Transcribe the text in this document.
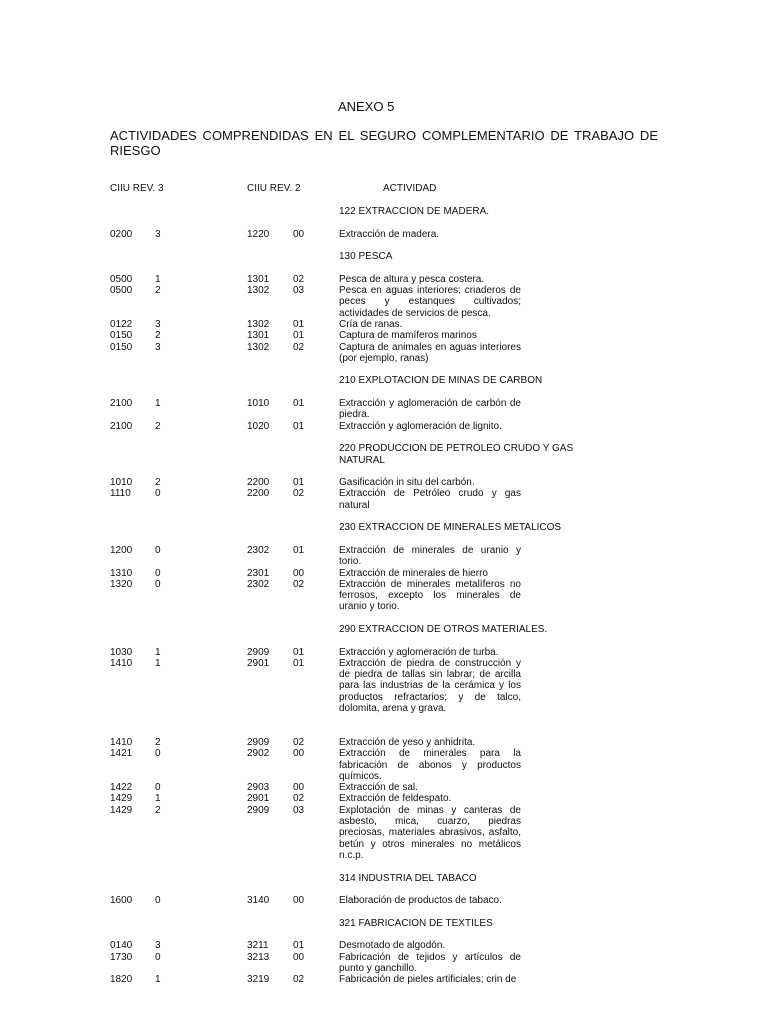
ANEXO 5
ACTIVIDADES COMPRENDIDAS EN EL SEGURO COMPLEMENTARIO DE TRABAJO DE RIESGO
CIIU REV. 3	CIIU REV. 2	ACTIVIDAD
122 EXTRACCION DE MADERA.
0200 3	1220 00	Extracción de madera.
130 PESCA
0500 1	1301 02	Pesca de altura y pesca costera.
0500 2	1302 03	Pesca en aguas interiores; criaderos de peces y estanques cultivados; actividades de servicios de pesca.
0122 3	1302 01	Cría de ranas.
0150 2	1301 01	Captura de mamíferos marinos
0150 3	1302 02	Captura de animales en aguas interiores (por ejemplo, ranas)
210 EXPLOTACION DE MINAS DE CARBON
2100 1	1010 01	Extracción y aglomeración de carbón de piedra.
2100 2	1020 01	Extracción y aglomeración de lignito.
220 PRODUCCION DE PETROLEO CRUDO Y GAS NATURAL
1010 2	2200 01	Gasificación in situ del carbón.
1110 0	2200 02	Extracción de Petróleo crudo y gas natural
230 EXTRACCION DE MINERALES METALICOS
1200 0	2302 01	Extracción de minerales de uranio y torio.
1310 0	2301 00	Extracción de minerales de hierro
1320 0	2302 02	Extracción de minerales metalíferos no ferrosos, excepto los minerales de uranio y torio.
290 EXTRACCION DE OTROS MATERIALES.
1030 1	2909 01	Extracción y aglomeración de turba.
1410 1	2901 01	Extracción de piedra de construcción y de piedra de tallas sin labrar; de arcilla para las industrias de la cerámica y los productos refractarios; y de talco, dolomita, arena y grava.
1410 2	2909 02	Extracción de yeso y anhidrita.
1421 0	2902 00	Extracción de minerales para la fabricación de abonos y productos químicos.
1422 0	2903 00	Extracción de sal.
1429 1	2901 02	Extracción de feldespato.
1429 2	2909 03	Explotación de minas y canteras de asbesto, mica, cuarzo, piedras preciosas, materiales abrasivos, asfalto, betún y otros minerales no metálicos n.c.p.
314 INDUSTRIA DEL TABACO
1600 0	3140 00	Elaboración de productos de tabaco.
321 FABRICACION DE TEXTILES
0140 3	3211 01	Desmotado de algodón.
1730 0	3213 00	Fabricación de tejidos y artículos de punto y ganchillo.
1820 1	3219 02	Fabricación de pieles artificiales; crin de
